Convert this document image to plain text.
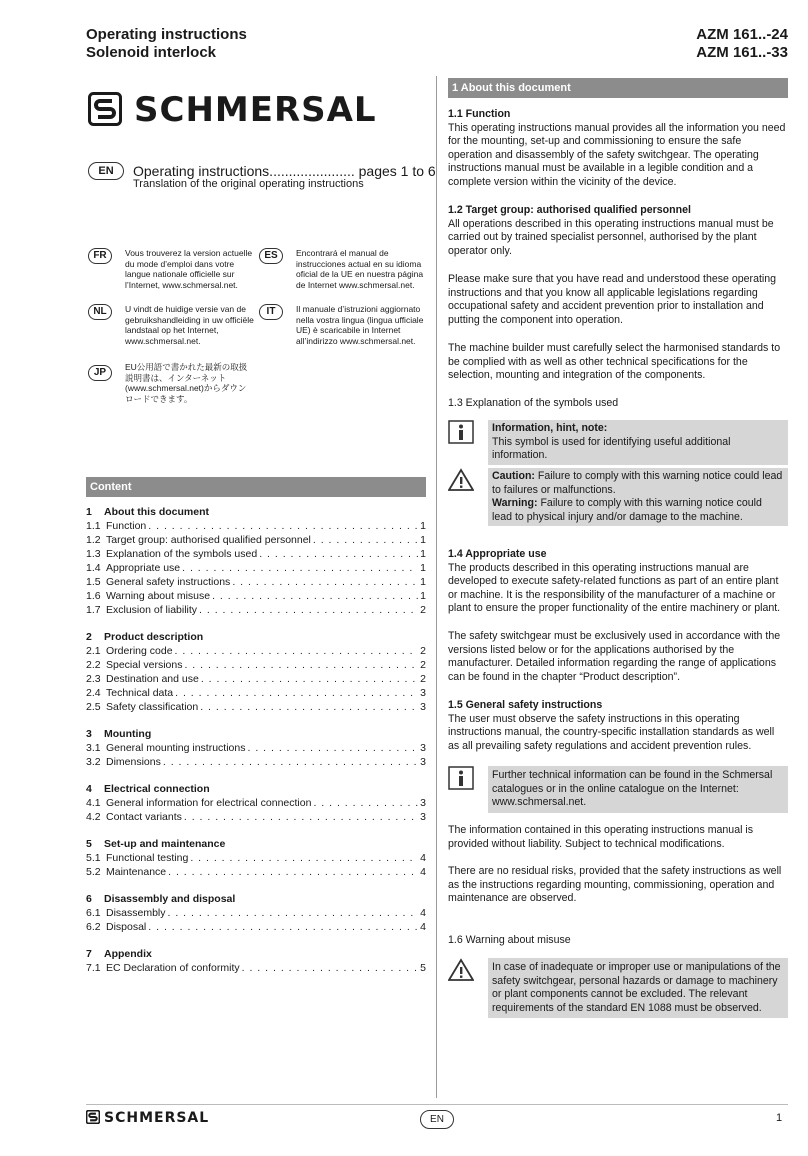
Operating instructions
Solenoid interlock
AZM 161..-24
AZM 161..-33
SCHMERSAL
EN	Operating instructions...................... pages 1 to 6
Translation of the original operating instructions
FR	Vous trouverez la version actuelle du mode d’emploi dans votre langue nationale officielle sur l’Internet, www.schmersal.net.
ES	Encontrará el manual de instrucciones actual en su idioma oficial de la UE en nuestra página de Internet www.schmersal.net.
NL	U vindt de huidige versie van de gebruikshandleiding in uw officiële landstaal op het Internet, www.schmersal.net.
IT	Il manuale d’istruzioni aggiornato nella vostra lingua (lingua ufficiale UE) è scaricabile in Internet all’indirizzo www.schmersal.net.
JP	EU公用語で書かれた最新の取扱説明書は、インターネット(www.schmersal.net)からダウンロードできます。
Content
1	About this document
1.1 Function . . .	1
1.2 Target group: authorised qualified personnel . . .	1
1.3 Explanation of the symbols used . . .	1
1.4 Appropriate use . . .	1
1.5 General safety instructions . . .	1
1.6 Warning about misuse . . .	1
1.7 Exclusion of liability . . .	2
2	Product description
2.1 Ordering code . . .	2
2.2 Special versions . . .	2
2.3 Destination and use . . .	2
2.4 Technical data . . .	3
2.5 Safety classification . . .	3
3	Mounting
3.1 General mounting instructions . . .	3
3.2 Dimensions . . .	3
4	Electrical connection
4.1 General information for electrical connection . . .	3
4.2 Contact variants . . .	3
5	Set-up and maintenance
5.1 Functional testing . . .	4
5.2 Maintenance . . .	4
6	Disassembly and disposal
6.1 Disassembly . . .	4
6.2 Disposal . . .	4
7	Appendix
7.1 EC Declaration of conformity . . .	5
1 About this document
1.1 Function

This operating instructions manual provides all the information you need for the mounting, set-up and commissioning to ensure the safe operation and disassembly of the safety switchgear. The operating instructions manual must be available in a legible condition and a complete version within the vicinity of the device.

1.2 Target group: authorised qualified personnel

All operations described in this operating instructions manual must be carried out by trained specialist personnel, authorised by the plant operator only.

Please make sure that you have read and understood these operating instructions and that you know all applicable legislations regarding occupational safety and accident prevention prior to installation and putting the component into operation.
The machine builder must carefully select the harmonised standards to be complied with as well as other technical specifications for the selection, mounting and integration of the components.
1.3 Explanation of the symbols used
Information, hint, note:
This symbol is used for identifying useful additional information.
Caution: Failure to comply with this warning notice could lead to failures or malfunctions.
Warning: Failure to comply with this warning notice could lead to physical injury and/or damage to the machine.
1.4 Appropriate use

The products described in this operating instructions manual are developed to execute safety-related functions as part of an entire plant or machine. It is the responsibility of the manufacturer of a machine or plant to ensure the proper functionality of the entire machinery or plant.

The safety switchgear must be exclusively used in accordance with the versions listed below or for the applications authorised by the manufacturer. Detailed information regarding the range of applications can be found in the chapter “Product description”.
1.5 General safety instructions

The user must observe the safety instructions in this operating instructions manual, the country-specific installation standards as well as all prevailing safety regulations and accident prevention rules.

Further technical information can be found in the Schmersal catalogues or in the online catalogue on the Internet: www.schmersal.net.
The information contained in this operating instructions manual is provided without liability. Subject to technical modifications.
There are no residual risks, provided that the safety instructions as well as the instructions regarding mounting, commissioning, operation and maintenance are observed.
1.6 Warning about misuse
In case of inadequate or improper use or manipulations of the safety switchgear, personal hazards or damage to machinery or plant components cannot be excluded. The relevant requirements of the standard EN 1088 must be observed.
SCHMERSAL	EN	1
